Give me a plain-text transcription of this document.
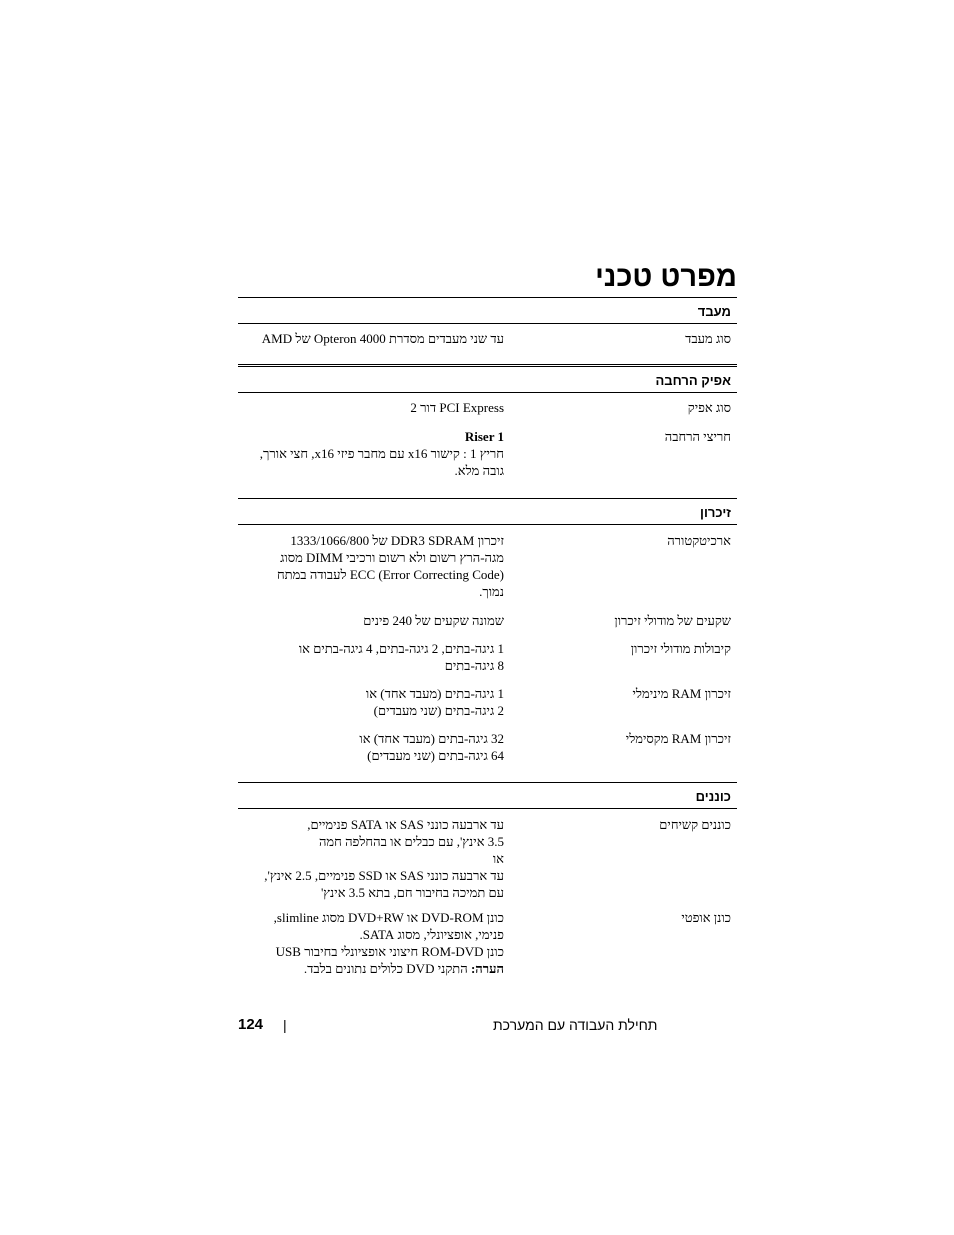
מפרט טכני
מעבד
סוג מעבד
עד שני מעבדים מסדרת Opteron 4000 של AMD
אפיק הרחבה
סוג אפיק
PCI Express דור 2
חריצי הרחבה
Riser 1
חריץ 1 : קישור x16 עם מחבר פיזי x16, חצי אורך,
גובה מלא.
זיכרון
ארכיטקטורה
זיכרון DDR3 SDRAM של 1333/1066/800
מגה-הרץ רשום ולא רשום ורכיבי DIMM מסוג
ECC (Error Correcting Code) לעבודה במתח
נמוך.
שקעים של מודולי זיכרון
שמונה שקעים של 240 פינים
קיבולות מודולי זיכרון
1 גיגה-בתים, 2 גיגה-בתים, 4 גיגה-בתים או
8 גיגה-בתים
זיכרון RAM מינימלי
1 גיגה-בתים (מעבד אחד) או
2 גיגה-בתים (שני מעבדים)
זיכרון RAM מקסימלי
32 גיגה-בתים (מעבד אחד) או
64 גיגה-בתים (שני מעבדים)
כוננים
כוננים קשיחים
עד ארבעה כונני SAS או SATA פנימיים,
3.5 אינץ', עם כבלים או בהחלפה חמה
או
עד ארבעה כונני SAS או SSD פנימיים, 2.5 אינץ',
עם תמיכה בחיבור חם, בתא 3.5 אינץ'
כונן אופטי
כונן DVD-ROM או DVD+RW מסוג slimline,
פנימי, אופציונלי, מסוג SATA.
כונן ROM-DVD חיצוני אופציונלי בחיבור USB
הערה: התקני DVD כלולים נתונים בלבד.
124 |	תחילת העבודה עם המערכת
